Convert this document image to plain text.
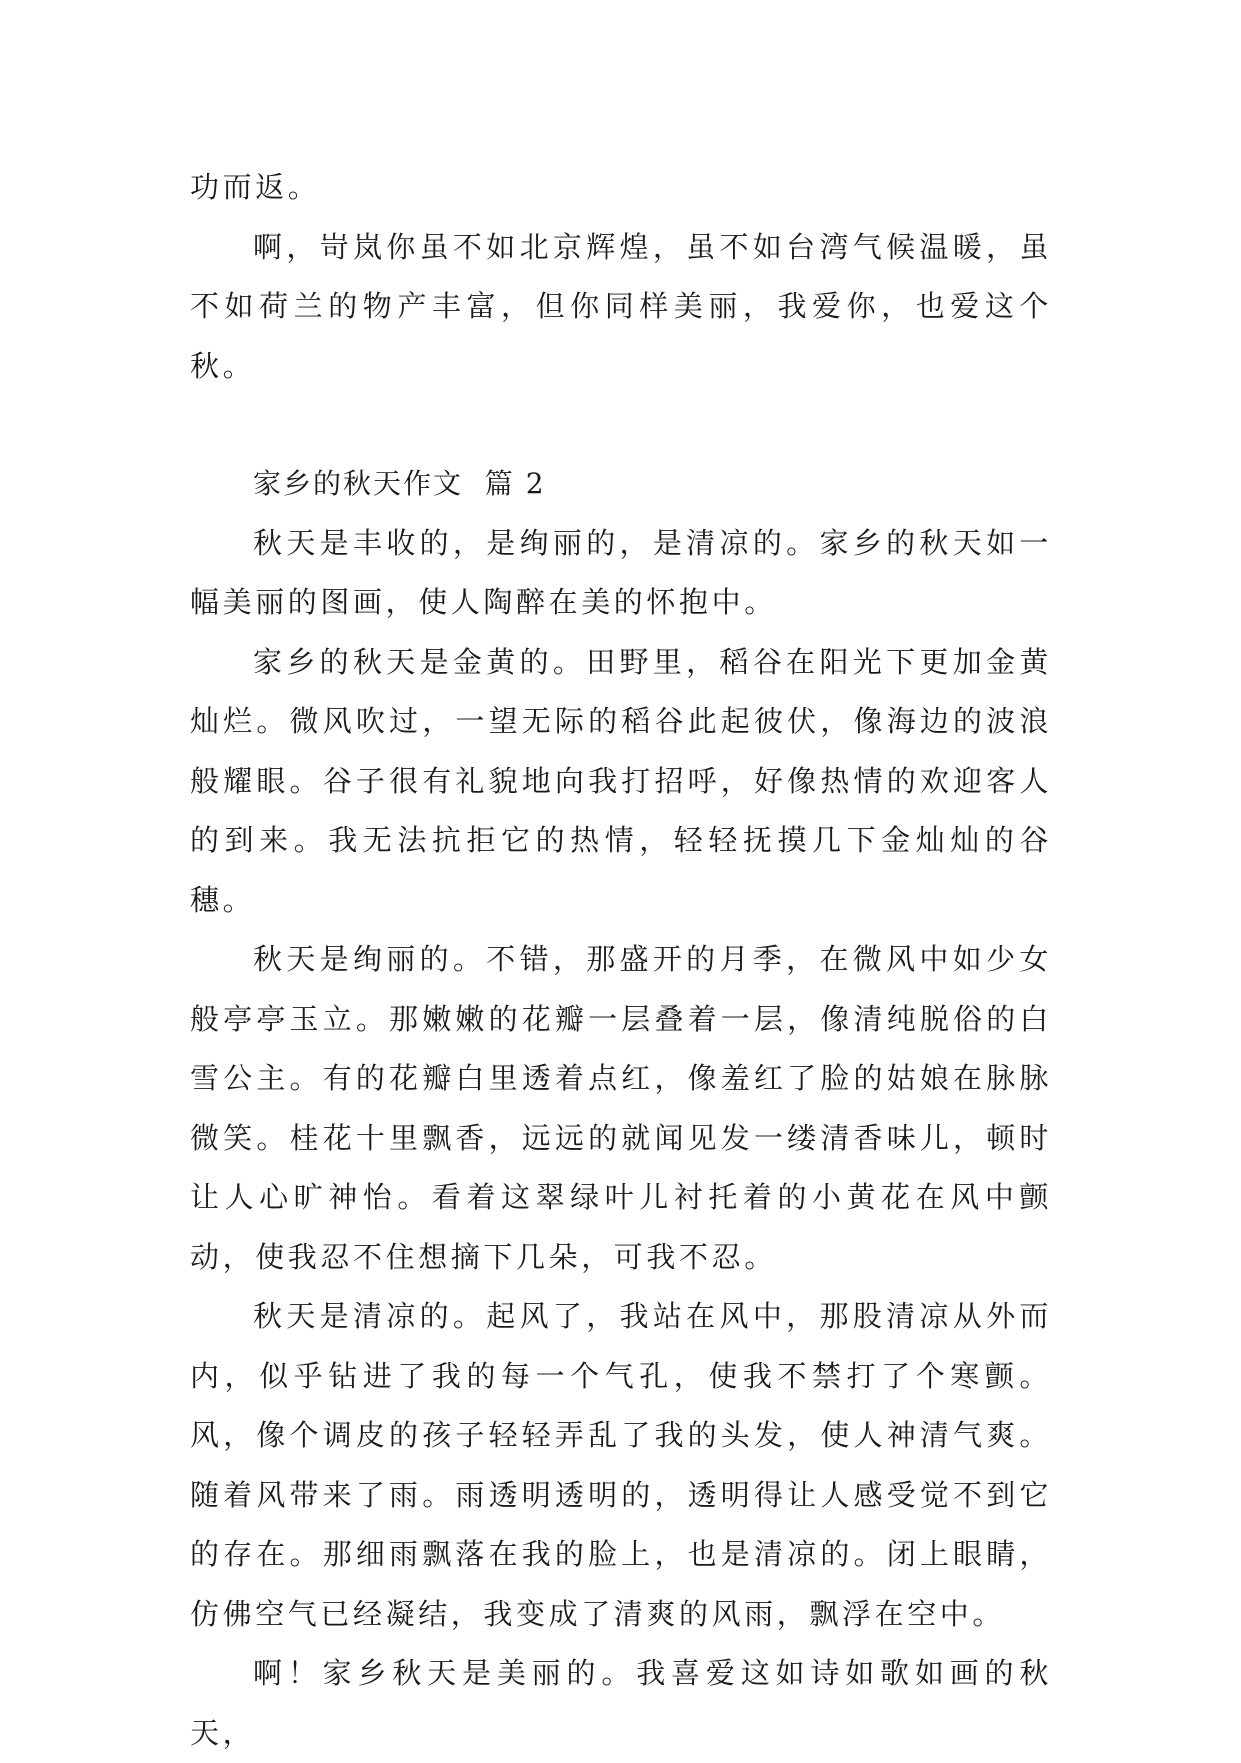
功而返。

啊，岢岚你虽不如北京辉煌，虽不如台湾气候温暖，虽不如荷兰的物产丰富，但你同样美丽，我爱你，也爱这个秋。

家乡的秋天作文  篇 2

秋天是丰收的，是绚丽的，是清凉的。家乡的秋天如一幅美丽的图画，使人陶醉在美的怀抱中。

家乡的秋天是金黄的。田野里，稻谷在阳光下更加金黄灿烂。微风吹过，一望无际的稻谷此起彼伏，像海边的波浪般耀眼。谷子很有礼貌地向我打招呼，好像热情的欢迎客人的到来。我无法抗拒它的热情，轻轻抚摸几下金灿灿的谷穗。

秋天是绚丽的。不错，那盛开的月季，在微风中如少女般亭亭玉立。那嫩嫩的花瓣一层叠着一层，像清纯脱俗的白雪公主。有的花瓣白里透着点红，像羞红了脸的姑娘在脉脉微笑。桂花十里飘香，远远的就闻见发一缕清香味儿，顿时让人心旷神怡。看着这翠绿叶儿衬托着的小黄花在风中颤动，使我忍不住想摘下几朵，可我不忍。

秋天是清凉的。起风了，我站在风中，那股清凉从外而内，似乎钻进了我的每一个气孔，使我不禁打了个寒颤。风，像个调皮的孩子轻轻弄乱了我的头发，使人神清气爽。随着风带来了雨。雨透明透明的，透明得让人感受觉不到它的存在。那细雨飘落在我的脸上，也是清凉的。闭上眼睛，仿佛空气已经凝结，我变成了清爽的风雨，飘浮在空中。

啊！家乡秋天是美丽的。我喜爱这如诗如歌如画的秋天，
